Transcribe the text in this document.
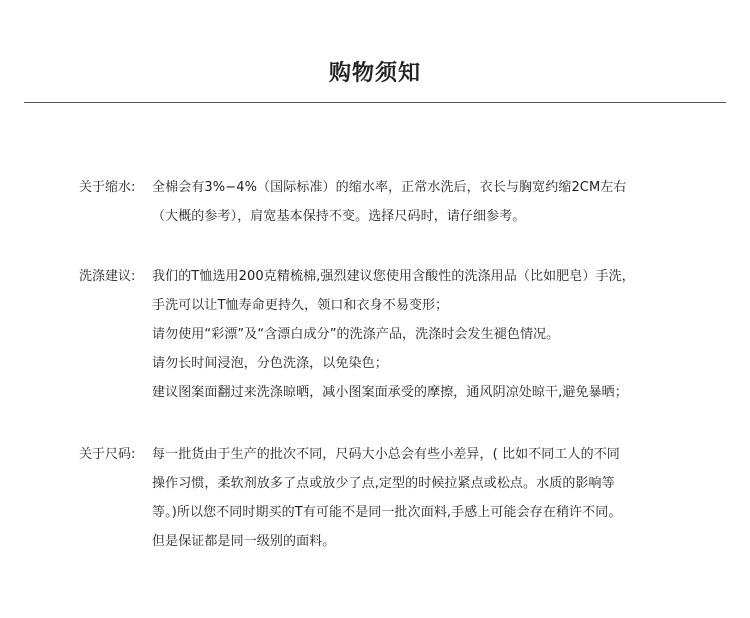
购物须知
关于缩水: 全棉会有3%−4%（国际标准）的缩水率，正常水洗后，衣长与胸宽约缩2CM左右
（大概的参考），肩宽基本保持不变。选择尺码时，请仔细参考。
洗涤建议: 我们的T恤选用200克精梳棉,强烈建议您使用含酸性的洗涤用品（比如肥皂）手洗，
手洗可以让T恤寿命更持久，领口和衣身不易变形；
请勿使用“彩漂”及“含漂白成分”的洗涤产品，洗涤时会发生褪色情况。
请勿长时间浸泡，分色洗涤，以免染色；
建议图案面翻过来洗涤晾晒，减小图案面承受的摩擦，通风阴凉处晾干,避免暴晒；
关于尺码: 每一批货由于生产的批次不同，尺码大小总会有些小差异，( 比如不同工人的不同
操作习惯，柔软剂放多了点或放少了点,定型的时候拉紧点或松点。水质的影响等
等。)所以您不同时期买的T有可能不是同一批次面料,手感上可能会存在稍许不同。
但是保证都是同一级别的面料。
